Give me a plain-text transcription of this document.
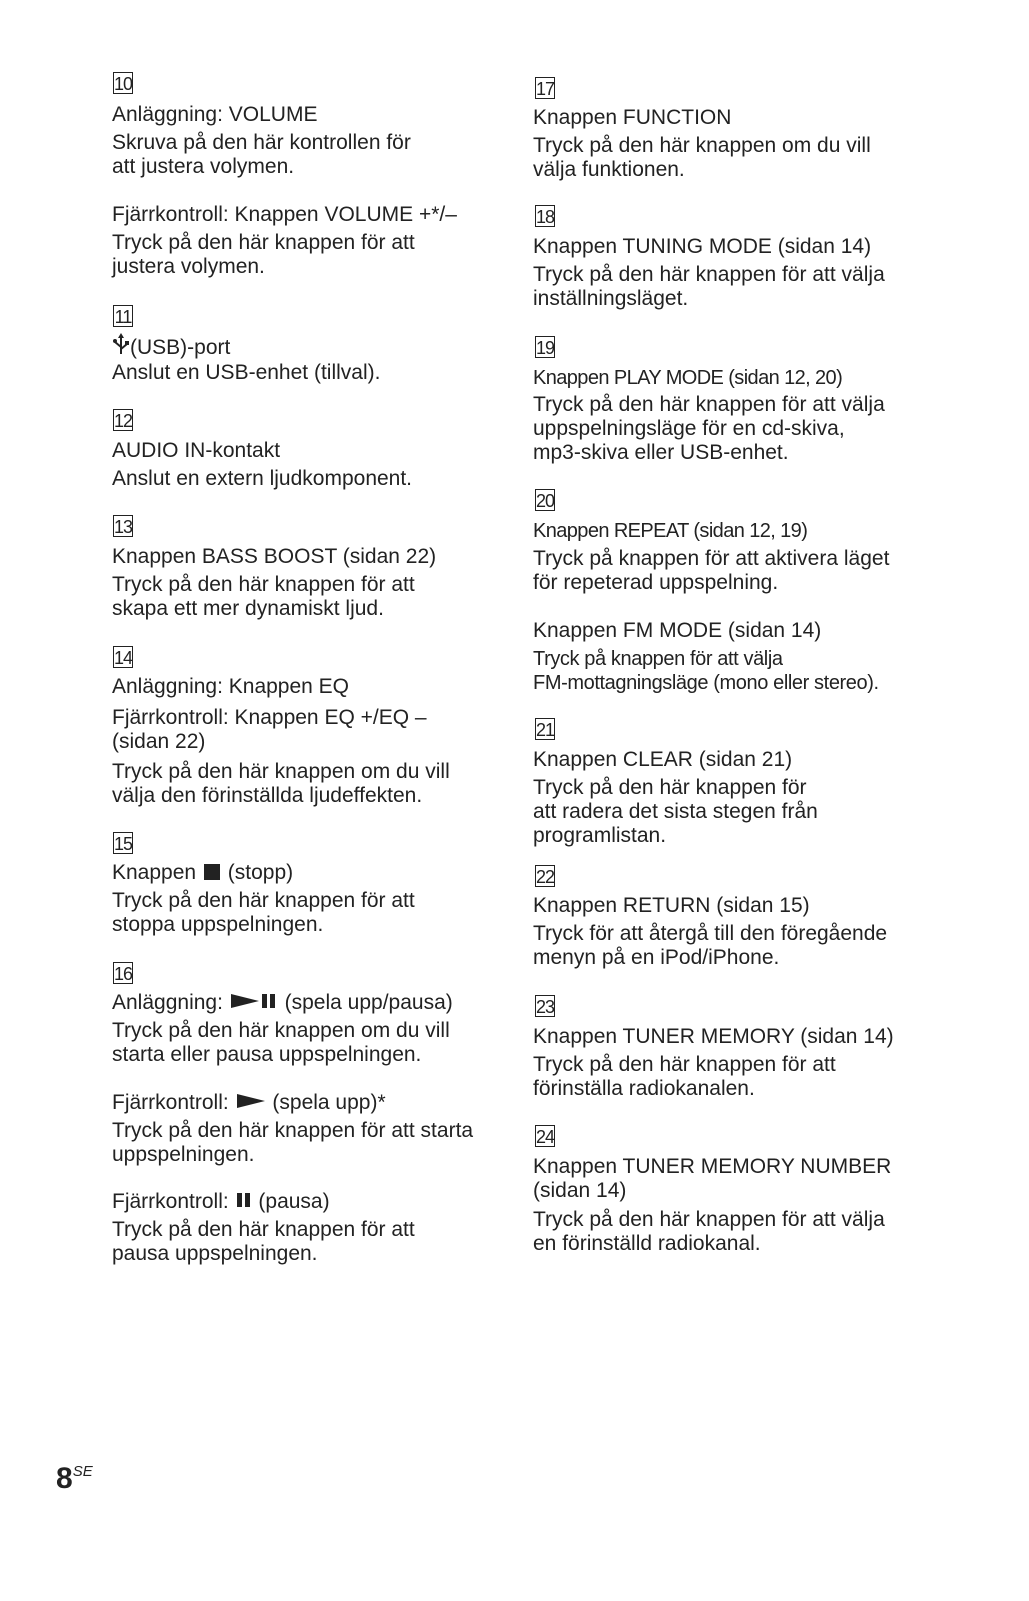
10
Anläggning: VOLUME
Skruva på den här kontrollen för
att justera volymen.
Fjärrkontroll: Knappen VOLUME +*/–
Tryck på den här knappen för att
justera volymen.
11
(USB)-port
Anslut en USB-enhet (tillval).
12
AUDIO IN-kontakt
Anslut en extern ljudkomponent.
13
Knappen BASS BOOST (sidan 22)
Tryck på den här knappen för att
skapa ett mer dynamiskt ljud.
14
Anläggning: Knappen EQ
Fjärrkontroll: Knappen EQ +/EQ –
(sidan 22)
Tryck på den här knappen om du vill
välja den förinställda ljudeffekten.
15
Knappen (stopp)
Tryck på den här knappen för att
stoppa uppspelningen.
16
Anläggning:	(spela upp/pausa)
Tryck på den här knappen om du vill
starta eller pausa uppspelningen.
Fjärrkontroll: (spela upp)*
Tryck på den här knappen för att starta
uppspelningen.
Fjärrkontroll: (pausa)
Tryck på den här knappen för att
pausa uppspelningen.
17
Knappen FUNCTION
Tryck på den här knappen om du vill
välja funktionen.
18
Knappen TUNING MODE (sidan 14)
Tryck på den här knappen för att välja
inställningsläget.
19
Knappen PLAY MODE (sidan 12, 20)
Tryck på den här knappen för att välja
uppspelningsläge för en cd-skiva,
mp3-skiva eller USB-enhet.
20
Knappen REPEAT (sidan 12, 19)
Tryck på knappen för att aktivera läget
för repeterad uppspelning.
Knappen FM MODE (sidan 14)
Tryck på knappen för att välja
FM-mottagningsläge (mono eller stereo).
21
Knappen CLEAR (sidan 21)
Tryck på den här knappen för
att radera det sista stegen från
programlistan.
22
Knappen RETURN (sidan 15)
Tryck för att återgå till den föregående
menyn på en iPod/iPhone.
23
Knappen TUNER MEMORY (sidan 14)
Tryck på den här knappen för att
förinställa radiokanalen.
24
Knappen TUNER MEMORY NUMBER
(sidan 14)
Tryck på den här knappen för att välja
en förinställd radiokanal.
$8^{SE}$
